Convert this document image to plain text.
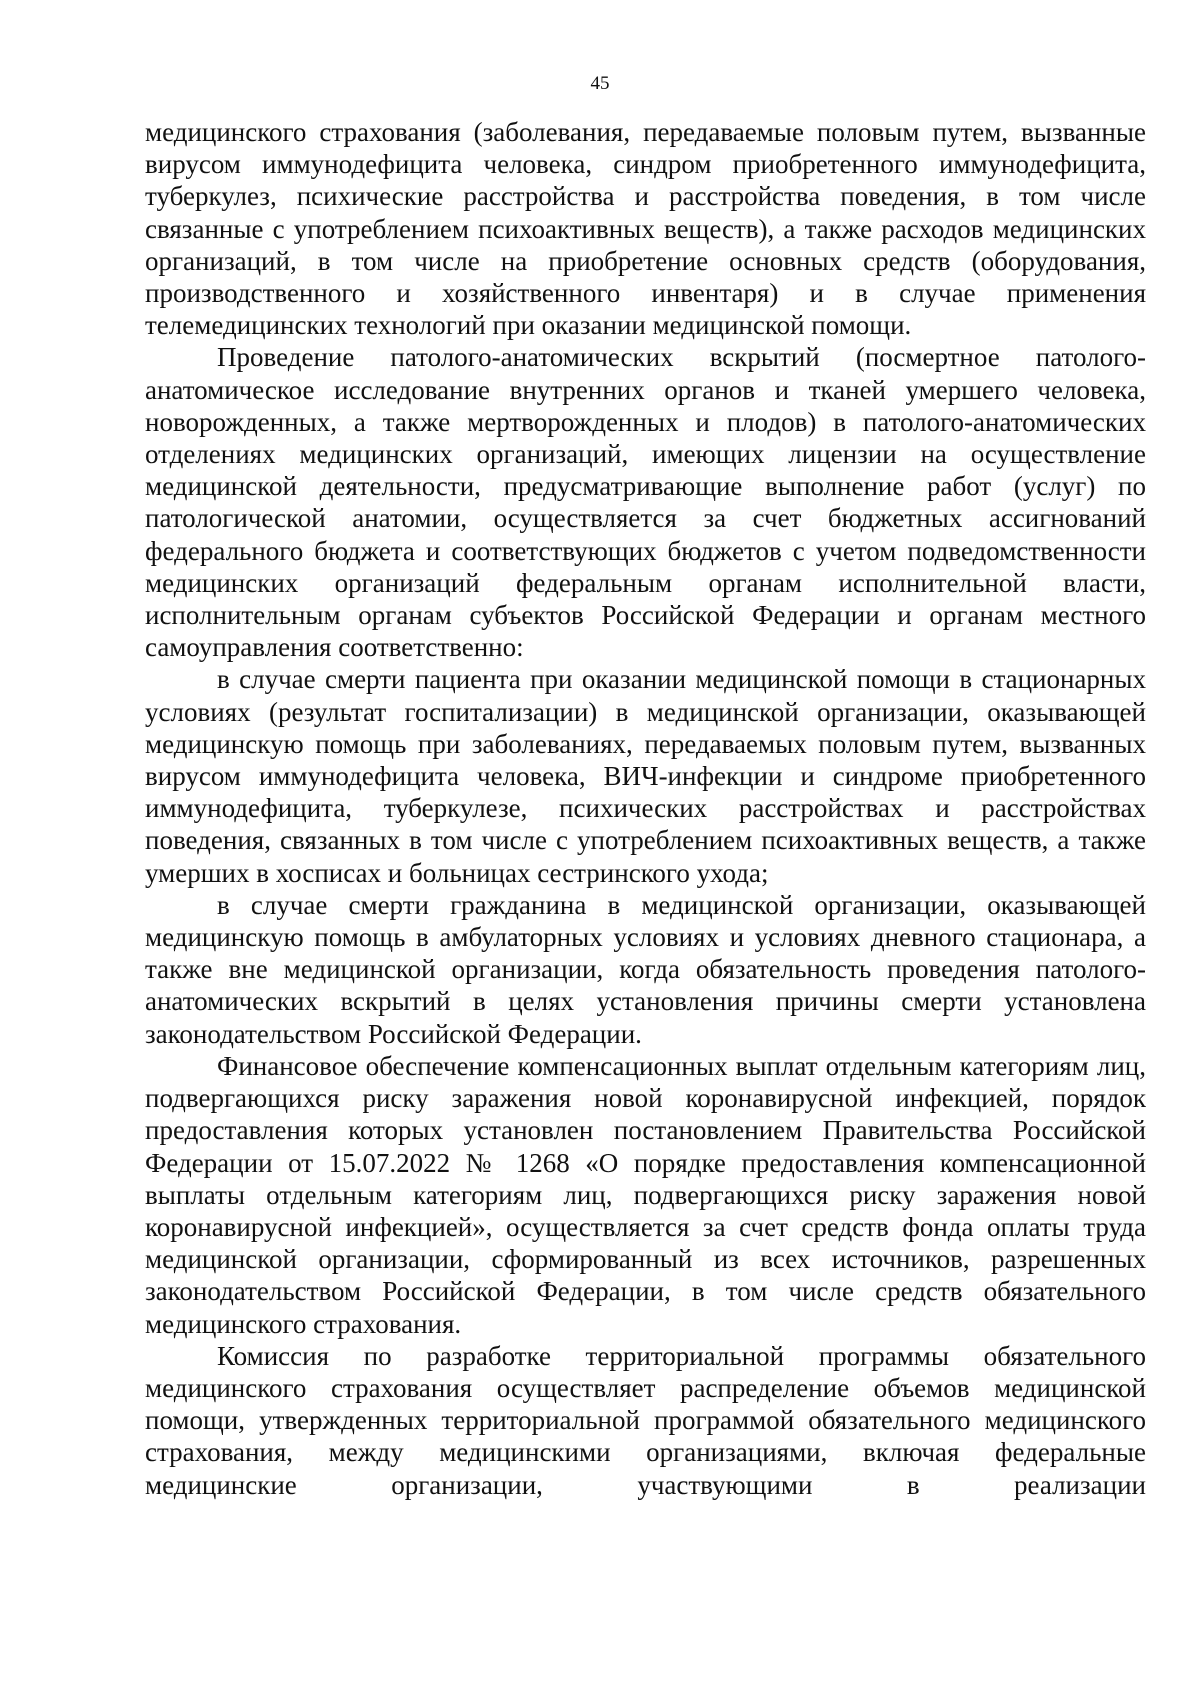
45

медицинского страхования (заболевания, передаваемые половым путем, вызванные вирусом иммунодефицита человека, синдром приобретенного иммунодефицита, туберкулез, психические расстройства и расстройства поведения, в том числе связанные с употреблением психоактивных веществ), а также расходов медицинских организаций, в том числе на приобретение основных средств (оборудования, производственного и хозяйственного инвентаря) и в случае применения телемедицинских технологий при оказании медицинской помощи.

Проведение патолого-анатомических вскрытий (посмертное патолого-анатомическое исследование внутренних органов и тканей умершего человека, новорожденных, а также мертворожденных и плодов) в патолого-анатомических отделениях медицинских организаций, имеющих лицензии на осуществление медицинской деятельности, предусматривающие выполнение работ (услуг) по патологической анатомии, осуществляется за счет бюджетных ассигнований федерального бюджета и соответствующих бюджетов с учетом подведомственности медицинских организаций федеральным органам исполнительной власти, исполнительным органам субъектов Российской Федерации и органам местного самоуправления соответственно:

в случае смерти пациента при оказании медицинской помощи в стационарных условиях (результат госпитализации) в медицинской организации, оказывающей медицинскую помощь при заболеваниях, передаваемых половым путем, вызванных вирусом иммунодефицита человека, ВИЧ-инфекции и синдроме приобретенного иммунодефицита, туберкулезе, психических расстройствах и расстройствах поведения, связанных в том числе с употреблением психоактивных веществ, а также умерших в хосписах и больницах сестринского ухода;

в случае смерти гражданина в медицинской организации, оказывающей медицинскую помощь в амбулаторных условиях и условиях дневного стационара, а также вне медицинской организации, когда обязательность проведения патолого-анатомических вскрытий в целях установления причины смерти установлена законодательством Российской Федерации.

Финансовое обеспечение компенсационных выплат отдельным категориям лиц, подвергающихся риску заражения новой коронавирусной инфекцией, порядок предоставления которых установлен постановлением Правительства Российской Федерации от 15.07.2022 № 1268 «О порядке предоставления компенсационной выплаты отдельным категориям лиц, подвергающихся риску заражения новой коронавирусной инфекцией», осуществляется за счет средств фонда оплаты труда медицинской организации, сформированный из всех источников, разрешенных законодательством Российской Федерации, в том числе средств обязательного медицинского страхования.

Комиссия по разработке территориальной программы обязательного медицинского страхования осуществляет распределение объемов медицинской помощи, утвержденных территориальной программой обязательного медицинского страхования, между медицинскими организациями, включая федеральные медицинские организации, участвующими в реализации
